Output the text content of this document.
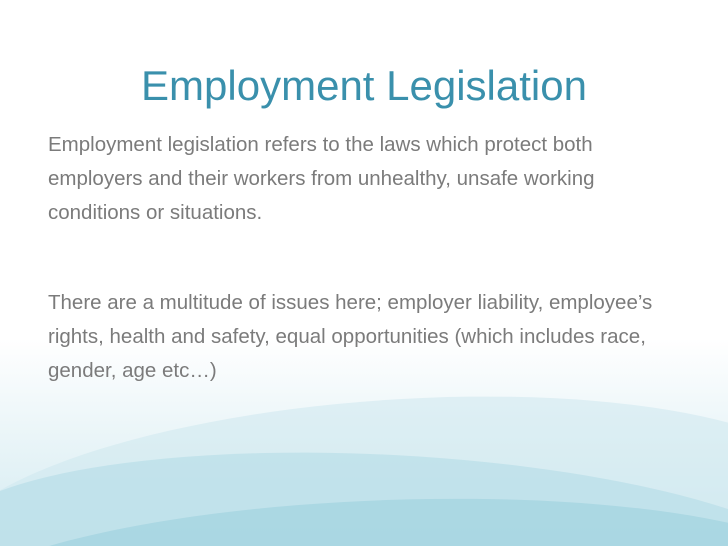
Employment Legislation

Employment legislation refers to the laws which protect both employers and their workers from unhealthy, unsafe working conditions or situations.

There are a multitude of issues here; employer liability, employee’s rights, health and safety, equal opportunities (which includes race, gender, age etc…)
